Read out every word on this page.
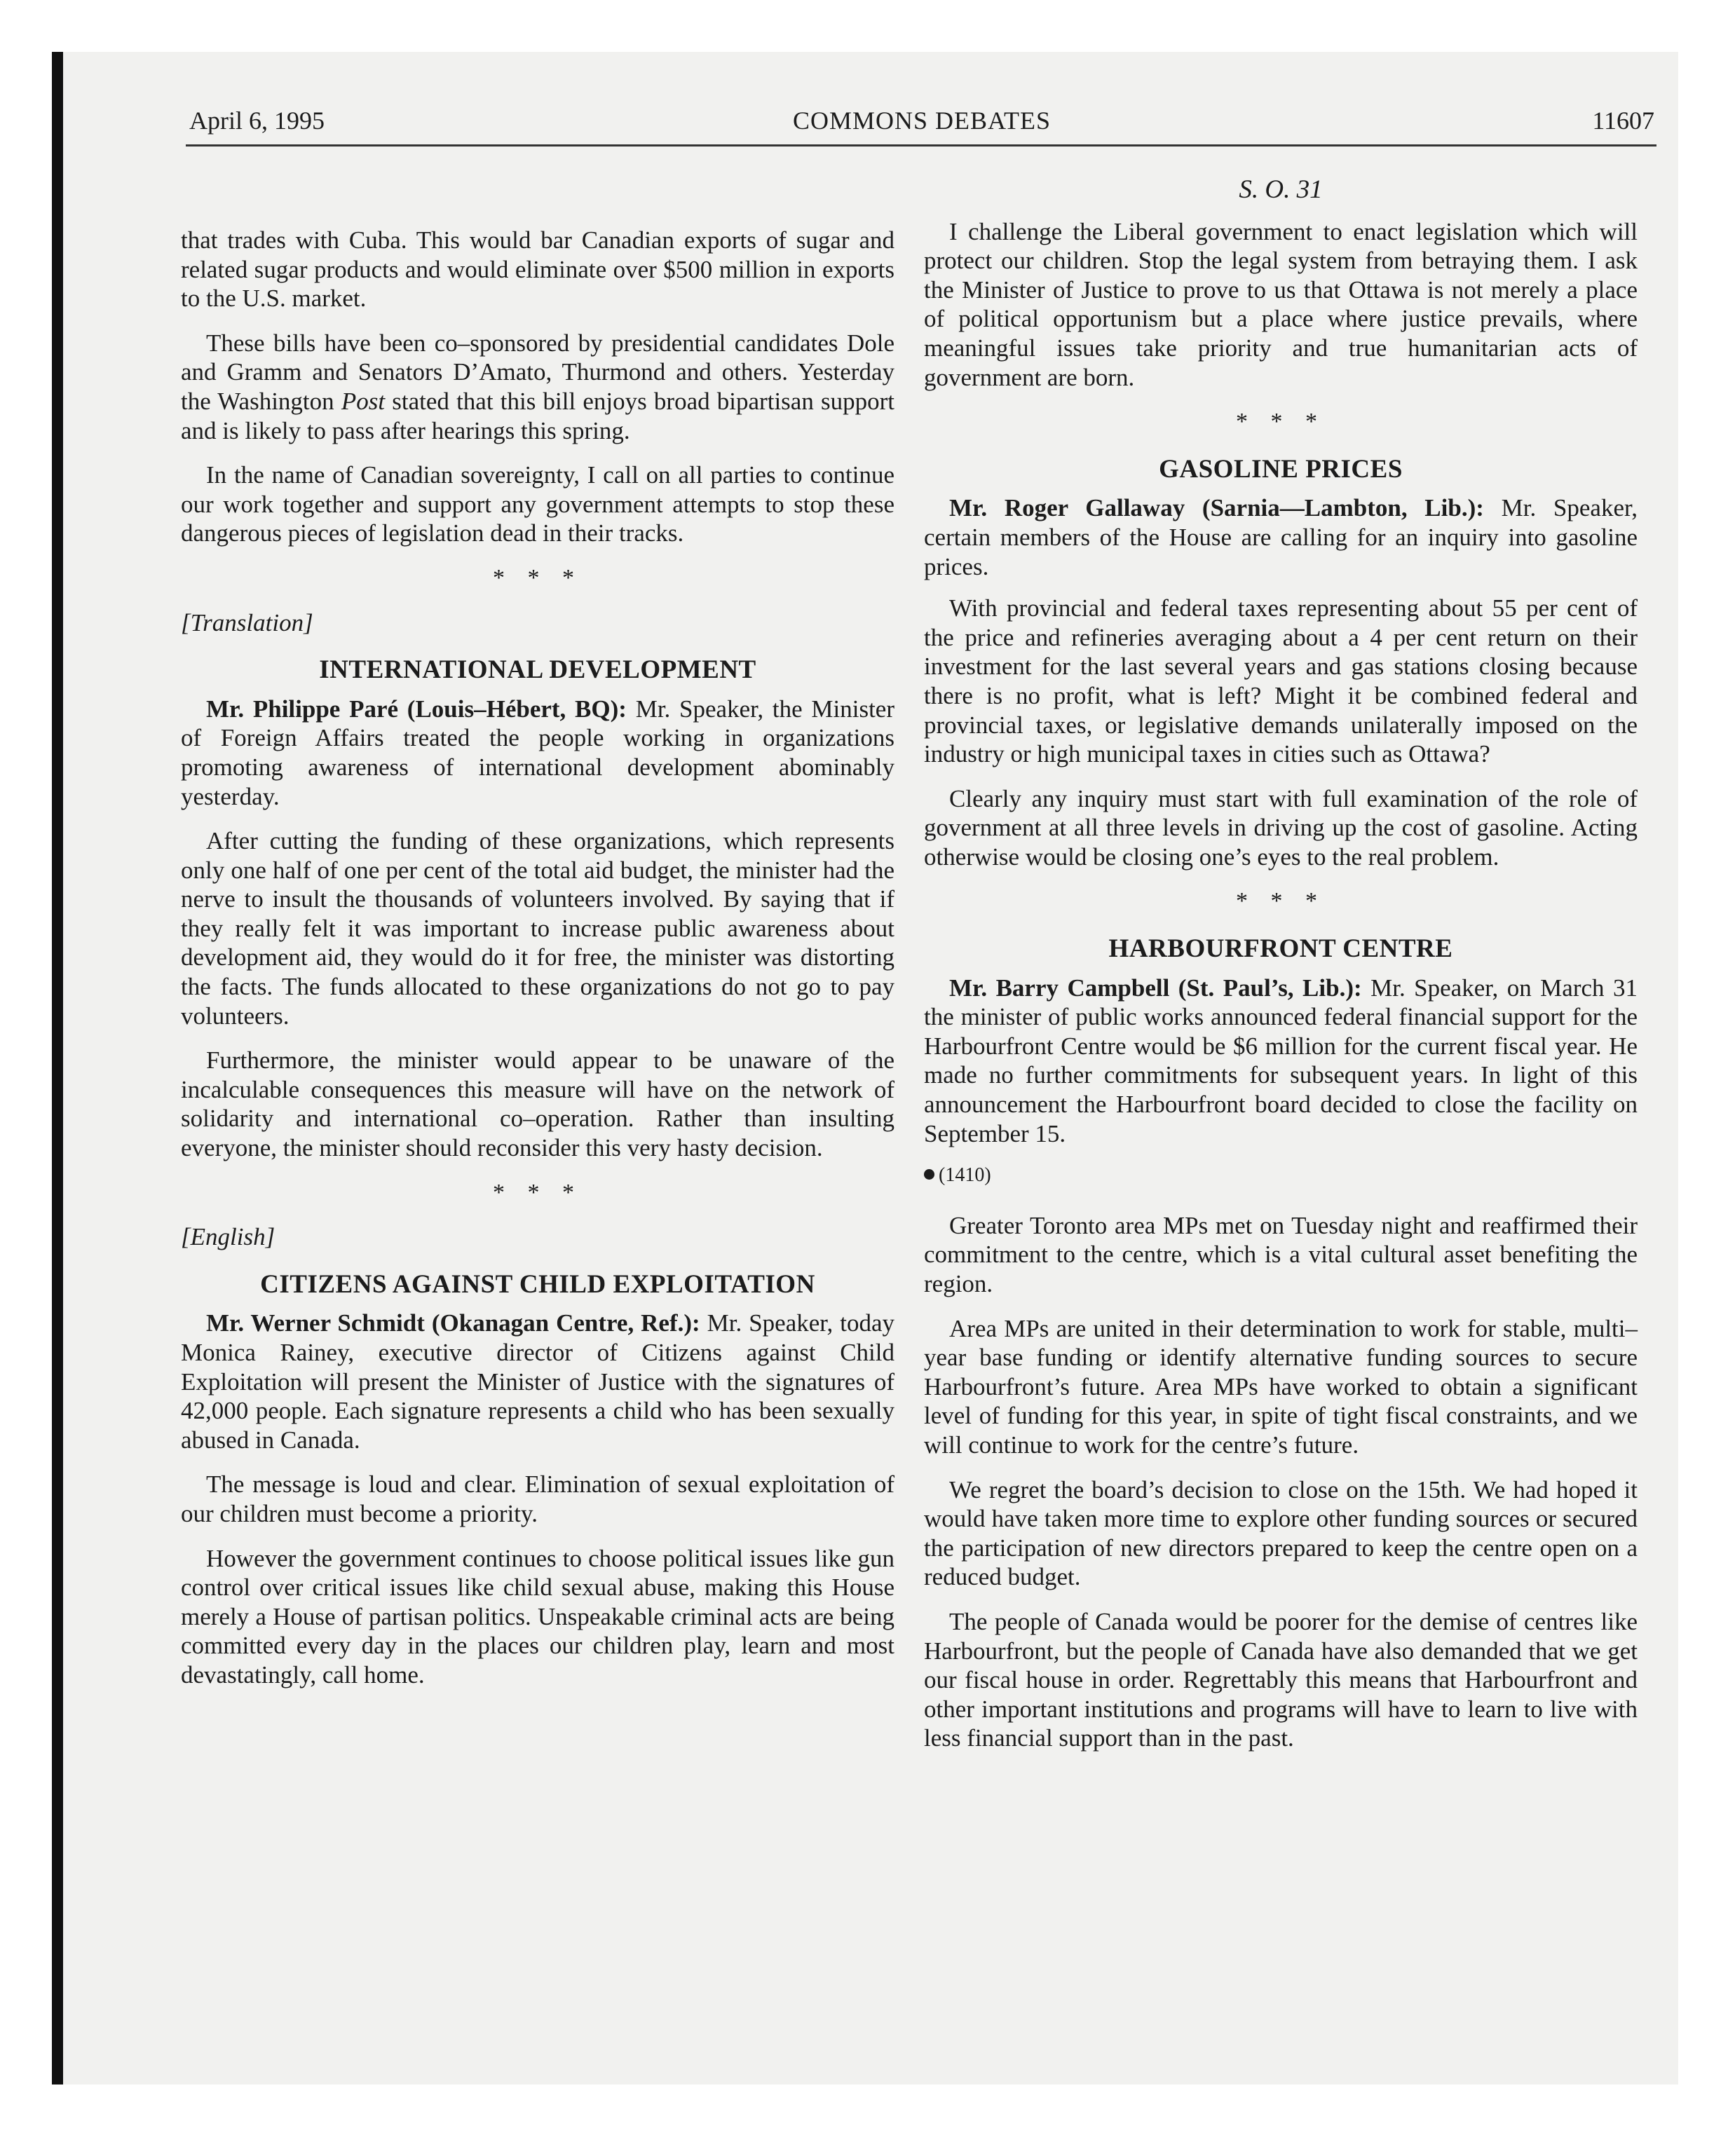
April 6, 1995	COMMONS DEBATES	11607

that trades with Cuba. This would bar Canadian exports of sugar and related sugar products and would eliminate over $500 million in exports to the U.S. market.

These bills have been co–sponsored by presidential candidates Dole and Gramm and Senators D’Amato, Thurmond and others. Yesterday the Washington Post stated that this bill enjoys broad bipartisan support and is likely to pass after hearings this spring.

In the name of Canadian sovereignty, I call on all parties to continue our work together and support any government attempts to stop these dangerous pieces of legislation dead in their tracks.

* * *
[Translation]
INTERNATIONAL DEVELOPMENT

Mr. Philippe Paré (Louis–Hébert, BQ): Mr. Speaker, the Minister of Foreign Affairs treated the people working in organizations promoting awareness of international development abominably yesterday.

After cutting the funding of these organizations, which represents only one half of one per cent of the total aid budget, the minister had the nerve to insult the thousands of volunteers involved. By saying that if they really felt it was important to increase public awareness about development aid, they would do it for free, the minister was distorting the facts. The funds allocated to these organizations do not go to pay volunteers.

Furthermore, the minister would appear to be unaware of the incalculable consequences this measure will have on the network of solidarity and international co–operation. Rather than insulting everyone, the minister should reconsider this very hasty decision.

* * *
[English]
CITIZENS AGAINST CHILD EXPLOITATION

Mr. Werner Schmidt (Okanagan Centre, Ref.): Mr. Speaker, today Monica Rainey, executive director of Citizens against Child Exploitation will present the Minister of Justice with the signatures of 42,000 people. Each signature represents a child who has been sexually abused in Canada.

The message is loud and clear. Elimination of sexual exploitation of our children must become a priority.

However the government continues to choose political issues like gun control over critical issues like child sexual abuse, making this House merely a House of partisan politics. Unspeakable criminal acts are being committed every day in the places our children play, learn and most devastatingly, call home.

S. O. 31

I challenge the Liberal government to enact legislation which will protect our children. Stop the legal system from betraying them. I ask the Minister of Justice to prove to us that Ottawa is not merely a place of political opportunism but a place where justice prevails, where meaningful issues take priority and true humanitarian acts of government are born.

* * *
GASOLINE PRICES

Mr. Roger Gallaway (Sarnia—Lambton, Lib.): Mr. Speaker, certain members of the House are calling for an inquiry into gasoline prices.

With provincial and federal taxes representing about 55 per cent of the price and refineries averaging about a 4 per cent return on their investment for the last several years and gas stations closing because there is no profit, what is left? Might it be combined federal and provincial taxes, or legislative demands unilaterally imposed on the industry or high municipal taxes in cities such as Ottawa?

Clearly any inquiry must start with full examination of the role of government at all three levels in driving up the cost of gasoline. Acting otherwise would be closing one’s eyes to the real problem.

* * *
HARBOURFRONT CENTRE

Mr. Barry Campbell (St. Paul’s, Lib.): Mr. Speaker, on March 31 the minister of public works announced federal financial support for the Harbourfront Centre would be $6 million for the current fiscal year. He made no further commitments for subsequent years. In light of this announcement the Harbourfront board decided to close the facility on September 15.

(1410)

Greater Toronto area MPs met on Tuesday night and reaffirmed their commitment to the centre, which is a vital cultural asset benefiting the region.

Area MPs are united in their determination to work for stable, multi–year base funding or identify alternative funding sources to secure Harbourfront’s future. Area MPs have worked to obtain a significant level of funding for this year, in spite of tight fiscal constraints, and we will continue to work for the centre’s future.

We regret the board’s decision to close on the 15th. We had hoped it would have taken more time to explore other funding sources or secured the participation of new directors prepared to keep the centre open on a reduced budget.

The people of Canada would be poorer for the demise of centres like Harbourfront, but the people of Canada have also demanded that we get our fiscal house in order. Regrettably this means that Harbourfront and other important institutions and programs will have to learn to live with less financial support than in the past.
